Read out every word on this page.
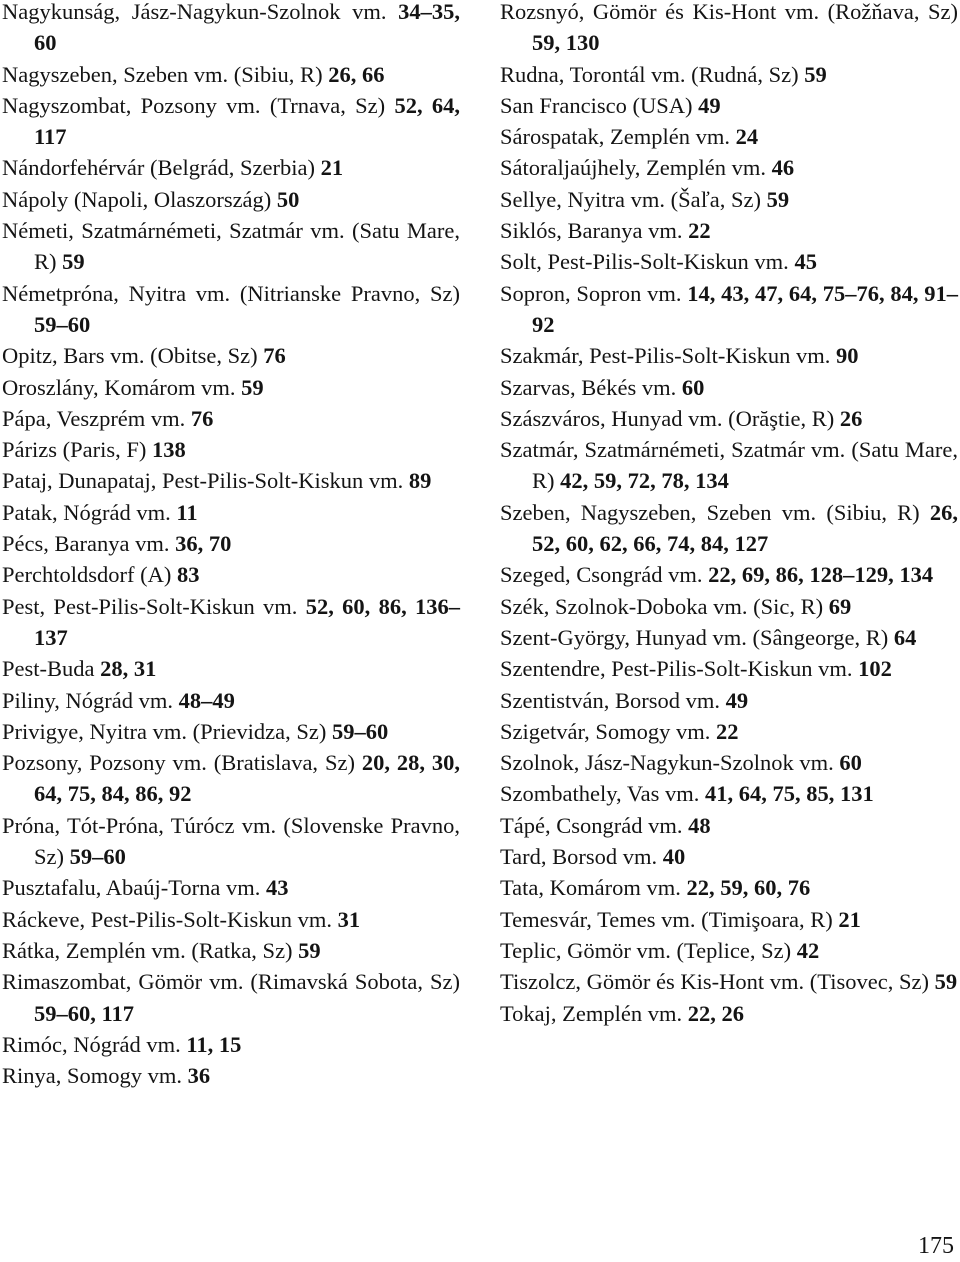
Nagykunság, Jász-Nagykun-Szolnok vm. 34–35, 60

Nagyszeben, Szeben vm. (Sibiu, R) 26, 66

Nagyszombat, Pozsony vm. (Trnava, Sz) 52, 64, 117

Nándorfehérvár (Belgrád, Szerbia) 21

Nápoly (Napoli, Olaszország) 50

Németi, Szatmárnémeti, Szatmár vm. (Satu Mare, R) 59

Németpróna, Nyitra vm. (Nitrianske Pravno, Sz) 59–60

Opitz, Bars vm. (Obitse, Sz) 76

Oroszlány, Komárom vm. 59

Pápa, Veszprém vm. 76

Párizs (Paris, F) 138

Pataj, Dunapataj, Pest-Pilis-Solt-Kiskun vm. 89

Patak, Nógrád vm. 11

Pécs, Baranya vm. 36, 70

Perchtoldsdorf (A) 83

Pest, Pest-Pilis-Solt-Kiskun vm. 52, 60, 86, 136–137

Pest-Buda 28, 31

Piliny, Nógrád vm. 48–49

Privigye, Nyitra vm. (Prievidza, Sz) 59–60

Pozsony, Pozsony vm. (Bratislava, Sz) 20, 28, 30, 64, 75, 84, 86, 92

Próna, Tót-Próna, Túrócz vm. (Slovenske Pravno, Sz) 59–60

Pusztafalu, Abaúj-Torna vm. 43

Ráckeve, Pest-Pilis-Solt-Kiskun vm. 31

Rátka, Zemplén vm. (Ratka, Sz) 59

Rimaszombat, Gömör vm. (Rimavská Sobota, Sz) 59–60, 117

Rimóc, Nógrád vm. 11, 15

Rinya, Somogy vm. 36

Rozsnyó, Gömör és Kis-Hont vm. (Rožňava, Sz) 59, 130

Rudna, Torontál vm. (Rudná, Sz) 59

San Francisco (USA) 49

Sárospatak, Zemplén vm. 24

Sátoraljaújhely, Zemplén vm. 46

Sellye, Nyitra vm. (Šaľa, Sz) 59

Siklós, Baranya vm. 22

Solt, Pest-Pilis-Solt-Kiskun vm. 45

Sopron, Sopron vm. 14, 43, 47, 64, 75–76, 84, 91–92

Szakmár, Pest-Pilis-Solt-Kiskun vm. 90

Szarvas, Békés vm. 60

Szászváros, Hunyad vm. (Orăştie, R) 26

Szatmár, Szatmárnémeti, Szatmár vm. (Satu Mare, R) 42, 59, 72, 78, 134

Szeben, Nagyszeben, Szeben vm. (Sibiu, R) 26, 52, 60, 62, 66, 74, 84, 127

Szeged, Csongrád vm. 22, 69, 86, 128–129, 134

Szék, Szolnok-Doboka vm. (Sic, R) 69

Szent-György, Hunyad vm. (Sângeorge, R) 64

Szentendre, Pest-Pilis-Solt-Kiskun vm. 102

Szentistván, Borsod vm. 49

Szigetvár, Somogy vm. 22

Szolnok, Jász-Nagykun-Szolnok vm. 60

Szombathely, Vas vm. 41, 64, 75, 85, 131

Tápé, Csongrád vm. 48

Tard, Borsod vm. 40

Tata, Komárom vm. 22, 59, 60, 76

Temesvár, Temes vm. (Timişoara, R) 21

Teplic, Gömör vm. (Teplice, Sz) 42

Tiszolcz, Gömör és Kis-Hont vm. (Tisovec, Sz) 59

Tokaj, Zemplén vm. 22, 26

175
